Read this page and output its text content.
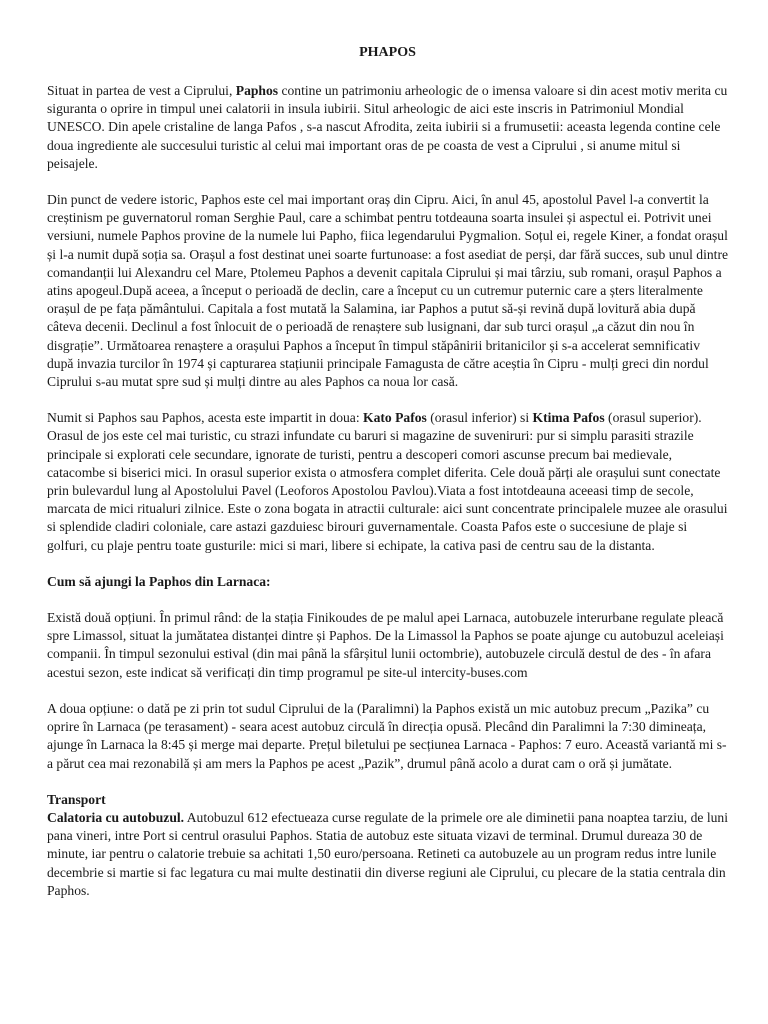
PHAPOS

Situat in partea de vest a Ciprului, Paphos contine un patrimoniu arheologic de o imensa valoare si din acest motiv merita cu siguranta o oprire in timpul unei calatorii in insula iubirii. Situl arheologic de aici este inscris in Patrimoniul Mondial UNESCO. Din apele cristaline de langa Pafos , s-a nascut Afrodita, zeita iubirii si a frumusetii: aceasta legenda contine cele doua ingrediente ale succesului turistic al celui mai important oras de pe coasta de vest a Ciprului , si anume mitul si peisajele.

Din punct de vedere istoric, Paphos este cel mai important oraș din Cipru. Aici, în anul 45, apostolul Pavel l-a convertit la creștinism pe guvernatorul roman Serghie Paul, care a schimbat pentru totdeauna soarta insulei și aspectul ei. Potrivit unei versiuni, numele Paphos provine de la numele lui Papho, fiica legendarului Pygmalion. Soțul ei, regele Kiner, a fondat orașul și l-a numit după soția sa. Orașul a fost destinat unei soarte furtunoase: a fost asediat de perși, dar fără succes, sub unul dintre comandanții lui Alexandru cel Mare, Ptolemeu Paphos a devenit capitala Ciprului și mai târziu, sub romani, orașul Paphos a atins apogeul.După aceea, a început o perioadă de declin, care a început cu un cutremur puternic care a șters literalmente orașul de pe fața pământului. Capitala a fost mutată la Salamina, iar Paphos a putut să-și revină după lovitură abia după câteva decenii. Declinul a fost înlocuit de o perioadă de renaștere sub lusignani, dar sub turci orașul „a căzut din nou în disgrație”. Următoarea renaștere a orașului Paphos a început în timpul stăpânirii britanicilor și s-a accelerat semnificativ după invazia turcilor în 1974 și capturarea stațiunii principale Famagusta de către aceștia în Cipru - mulți greci din nordul Ciprului s-au mutat spre sud și mulți dintre au ales Paphos ca noua lor casă.

Numit si Paphos sau Paphos, acesta este impartit in doua: Kato Pafos (orasul inferior) si Ktima Pafos (orasul superior). Orasul de jos este cel mai turistic, cu strazi infundate cu baruri si magazine de suveniruri: pur si simplu parasiti strazile principale si explorati cele secundare, ignorate de turisti, pentru a descoperi comori ascunse precum bai medievale, catacombe si biserici mici. In orasul superior exista o atmosfera complet diferita. Cele două părți ale orașului sunt conectate prin bulevardul lung al Apostolului Pavel (Leoforos Apostolou Pavlou).Viata a fost intotdeauna aceeasi timp de secole, marcata de mici ritualuri zilnice. Este o zona bogata in atractii culturale: aici sunt concentrate principalele muzee ale orasului si splendide cladiri coloniale, care astazi gazduiesc birouri guvernamentale. Coasta Pafos este o succesiune de plaje si golfuri, cu plaje pentru toate gusturile: mici si mari, libere si echipate, la cativa pasi de centru sau de la distanta.

Cum să ajungi la Paphos din Larnaca:

Există două opțiuni. În primul rând: de la stația Finikoudes de pe malul apei Larnaca, autobuzele interurbane regulate pleacă spre Limassol, situat la jumătatea distanței dintre și Paphos. De la Limassol la Paphos se poate ajunge cu autobuzul aceleiași companii. În timpul sezonului estival (din mai până la sfârșitul lunii octombrie), autobuzele circulă destul de des - în afara acestui sezon, este indicat să verificați din timp programul pe site-ul intercity-buses.com

A doua opțiune: o dată pe zi prin tot sudul Ciprului de la (Paralimni) la Paphos există un mic autobuz precum „Pazika” cu oprire în Larnaca (pe terasament) - seara acest autobuz circulă în direcția opusă. Plecând din Paralimni la 7:30 dimineața, ajunge în Larnaca la 8:45 și merge mai departe. Prețul biletului pe secțiunea Larnaca - Paphos: 7 euro. Această variantă mi s-a părut cea mai rezonabilă și am mers la Paphos pe acest „Pazik”, drumul până acolo a durat cam o oră și jumătate.

Transport
Calatoria cu autobuzul. Autobuzul 612 efectueaza curse regulate de la primele ore ale diminetii pana noaptea tarziu, de luni pana vineri, intre Port si centrul orasului Paphos. Statia de autobuz este situata vizavi de terminal. Drumul dureaza 30 de minute, iar pentru o calatorie trebuie sa achitati 1,50 euro/persoana. Retineti ca autobuzele au un program redus intre lunile decembrie si martie si fac legatura cu mai multe destinatii din diverse regiuni ale Ciprului, cu plecare de la statia centrala din Paphos.
